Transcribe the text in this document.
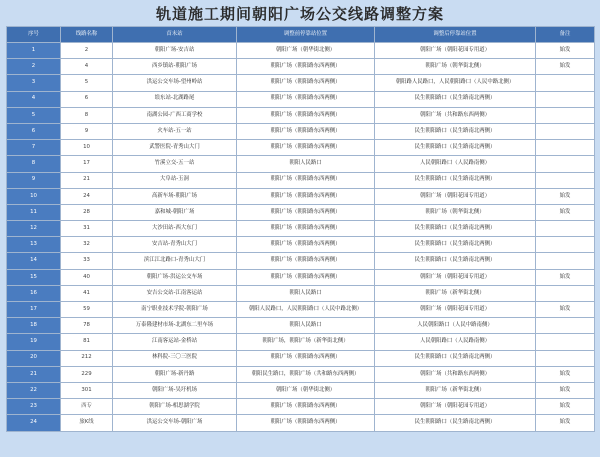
轨道施工期间朝阳广场公交线路调整方案
序号	线路名称	首末站	调整前停靠站位置	调整后停靠站位置	备注
1	2	朝阳广场-安吉站	朝阳广场（朝华街北侧）	朝阳广场（朝阳花园专用道）	始发
2	4	西乡镇站-朝阳广场	朝阳广场（朝阳路东西两侧）	朝阳广场（朝华街北侧）	始发
3	5	洪运公交车场-望州岭站	朝阳广场（朝阳路东西两侧）	朝阳路人民路口，人民朝阳路口（人民中路北侧）	
4	6	埌东站-北湖路尾	朝阳广场（朝阳路东西两侧）	民生朝阳路口（民生路南北两侧）	
5	8	南湖公园-广西工商学校	朝阳广场（朝阳路东西两侧）	朝阳广场（共和路东西两侧）	
6	9	火车站-五一站	朝阳广场（朝阳路东西两侧）	民生朝阳路口（民生路南北两侧）	
7	10	武警医院-青秀山大门	朝阳广场（朝阳路东西两侧）	民生朝阳路口（民生路南北两侧）	
8	17	竹溪立交-五一站	朝阳人民路口	人民朝阳路口（人民路南侧）	
9	21	大阜站-玉洞	朝阳广场（朝阳路东西两侧）	民生朝阳路口（民生路南北两侧）	
10	24	高新车场-朝阳广场	朝阳广场（朝阳路东西两侧）	朝阳广场（朝阳花园专用道）	始发
11	28	嘉和城-朝阳广场	朝阳广场（朝阳路东西两侧）	朝阳广场（朝华街北侧）	始发
12	31	大沙田站-西大东门	朝阳广场（朝阳路东西两侧）	民生朝阳路口（民生路南北两侧）	
13	32	安吉站-青秀山大门	朝阳广场（朝阳路东西两侧）	民生朝阳路口（民生路南北两侧）	
14	33	滨江江北路口-青秀山大门	朝阳广场（朝阳路东西两侧）	民生朝阳路口（民生路南北两侧）	
15	40	朝阳广场-洪运公交车场	朝阳广场（朝阳路东西两侧）	朝阳广场（朝阳花园专用道）	始发
16	41	安吉公交站-江南客运站	朝阳人民路口	朝阳广场（新华街北侧）	
17	59	南宁职业技术学院-朝阳广场	朝阳人民路口，人民朝阳路口（人民中路北侧）	朝阳广场（朝阳花园专用道）	始发
18	78	万泰隆建材市场-北湖东二里车场	朝阳人民路口	人民朝阳路口（人民中路南侧）	
19	81	江南客运站-金桥站	朝阳广场，朝阳广场（新华街北侧）	人民朝阳路口（人民路南侧）	
20	212	林科院-三〇三医院	朝阳广场（朝阳路东西两侧）	民生朝阳路口（民生路南北两侧）	
21	229	朝阳广场-新丹路	朝阳民生路口，朝阳广场（共和路东西两侧）	朝阳广场（共和路东西两侧）	始发
22	301	朝阳广场-吴圩机场	朝阳广场（朝华街北侧）	朝阳广场（新华街北侧）	始发
23	西专	朝阳广场-相思湖学院	朝阳广场（朝阳路东西两侧）	朝阳广场（朝阳花园专用道）	始发
24	旅K线	洪运公交车场-朝阳广场	朝阳广场（朝阳路东西两侧）	民生朝阳路口（民生路南北两侧）	始发
